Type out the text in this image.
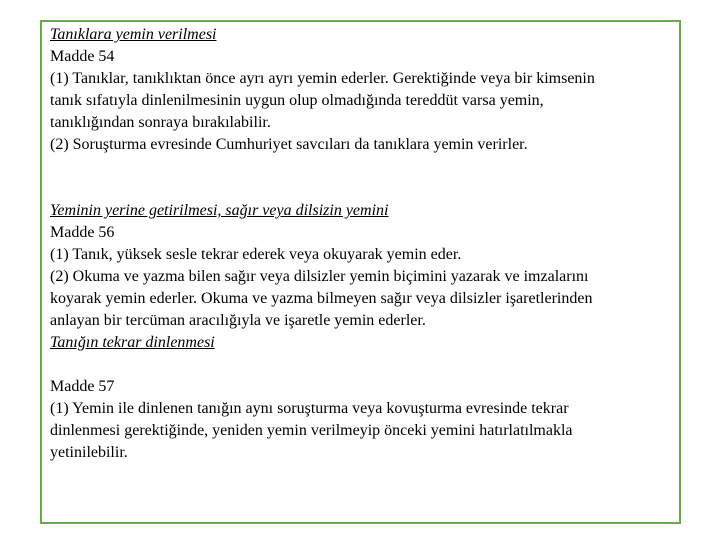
Tanıklara yemin verilmesi

Madde 54

(1) Tanıklar, tanıklıktan önce ayrı ayrı yemin ederler. Gerektiğinde veya bir kimsenin

tanık sıfatıyla dinlenilmesinin uygun olup olmadığında tereddüt varsa yemin,

tanıklığından sonraya bırakılabilir.

(2) Soruşturma evresinde Cumhuriyet savcıları da tanıklara yemin verirler.

Yeminin yerine getirilmesi, sağır veya dilsizin yemini

Madde 56

(1) Tanık, yüksek sesle tekrar ederek veya okuyarak yemin eder.

(2) Okuma ve yazma bilen sağır veya dilsizler yemin biçimini yazarak ve imzalarını

koyarak yemin ederler. Okuma ve yazma bilmeyen sağır veya dilsizler işaretlerinden

anlayan bir tercüman aracılığıyla ve işaretle yemin ederler.

Tanığın tekrar dinlenmesi

Madde 57

(1) Yemin ile dinlenen tanığın aynı soruşturma veya kovuşturma evresinde tekrar

dinlenmesi gerektiğinde, yeniden yemin verilmeyip önceki yemini hatırlatılmakla

yetinilebilir.
